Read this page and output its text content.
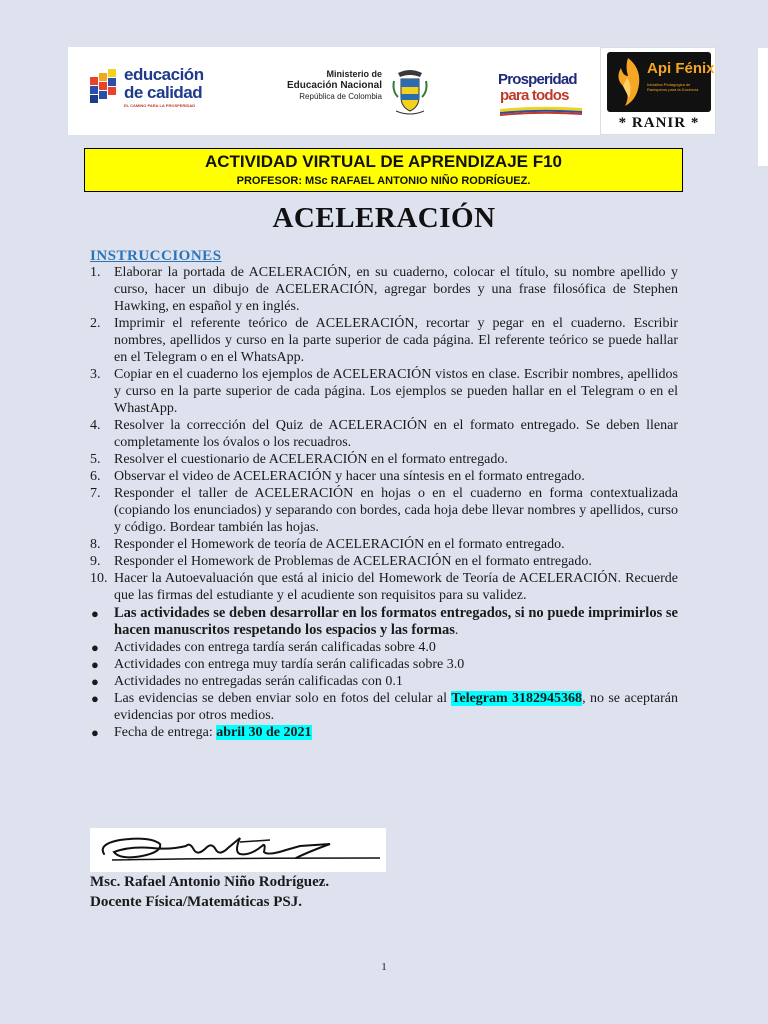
educación
de calidad
EL CAMINO PARA LA PROSPERIDAD
Ministerio de
Educación Nacional
República de Colombia
Prosperidad
para todos
Api Fénix
Iniciativa Pedagógica de Ranisperos para la Docencia
* RANIR *
ACTIVIDAD VIRTUAL DE APRENDIZAJE F10
PROFESOR: MSc RAFAEL ANTONIO NIÑO RODRÍGUEZ.
ACELERACIÓN
INSTRUCCIONES
1. Elaborar la portada de ACELERACIÓN, en su cuaderno, colocar el título, su nombre apellido y curso, hacer un dibujo de ACELERACIÓN, agregar bordes y una frase filosófica de Stephen Hawking, en español y en inglés.
2. Imprimir el referente teórico de ACELERACIÓN, recortar y pegar en el cuaderno. Escribir nombres, apellidos y curso en la parte superior de cada página. El referente teórico se puede hallar en el Telegram o en el WhatsApp.
3. Copiar en el cuaderno los ejemplos de ACELERACIÓN vistos en clase. Escribir nombres, apellidos y curso en la parte superior de cada página. Los ejemplos se pueden hallar en el Telegram o en el WhastApp.
4. Resolver la corrección del Quiz de ACELERACIÓN en el formato entregado. Se deben llenar completamente los óvalos o los recuadros.
5. Resolver el cuestionario de ACELERACIÓN en el formato entregado.
6. Observar el video de ACELERACIÓN y hacer una síntesis en el formato entregado.
7. Responder el taller de ACELERACIÓN en hojas o en el cuaderno en forma contextualizada (copiando los enunciados) y separando con bordes, cada hoja debe llevar nombres y apellidos, curso y código. Bordear también las hojas.
8. Responder el Homework de teoría de ACELERACIÓN en el formato entregado.
9. Responder el Homework de Problemas de ACELERACIÓN en el formato entregado.
10. Hacer la Autoevaluación que está al inicio del Homework de Teoría de ACELERACIÓN. Recuerde que las firmas del estudiante y el acudiente son requisitos para su validez.
● Las actividades se deben desarrollar en los formatos entregados, si no puede imprimirlos se hacen manuscritos respetando los espacios y las formas.
● Actividades con entrega tardía serán calificadas sobre 4.0
● Actividades con entrega muy tardía serán calificadas sobre 3.0
● Actividades no entregadas serán calificadas con 0.1
● Las evidencias se deben enviar solo en fotos del celular al Telegram 3182945368, no se aceptarán evidencias por otros medios.
● Fecha de entrega: abril 30 de 2021
Msc. Rafael Antonio Niño Rodríguez.
Docente Física/Matemáticas PSJ.
1
